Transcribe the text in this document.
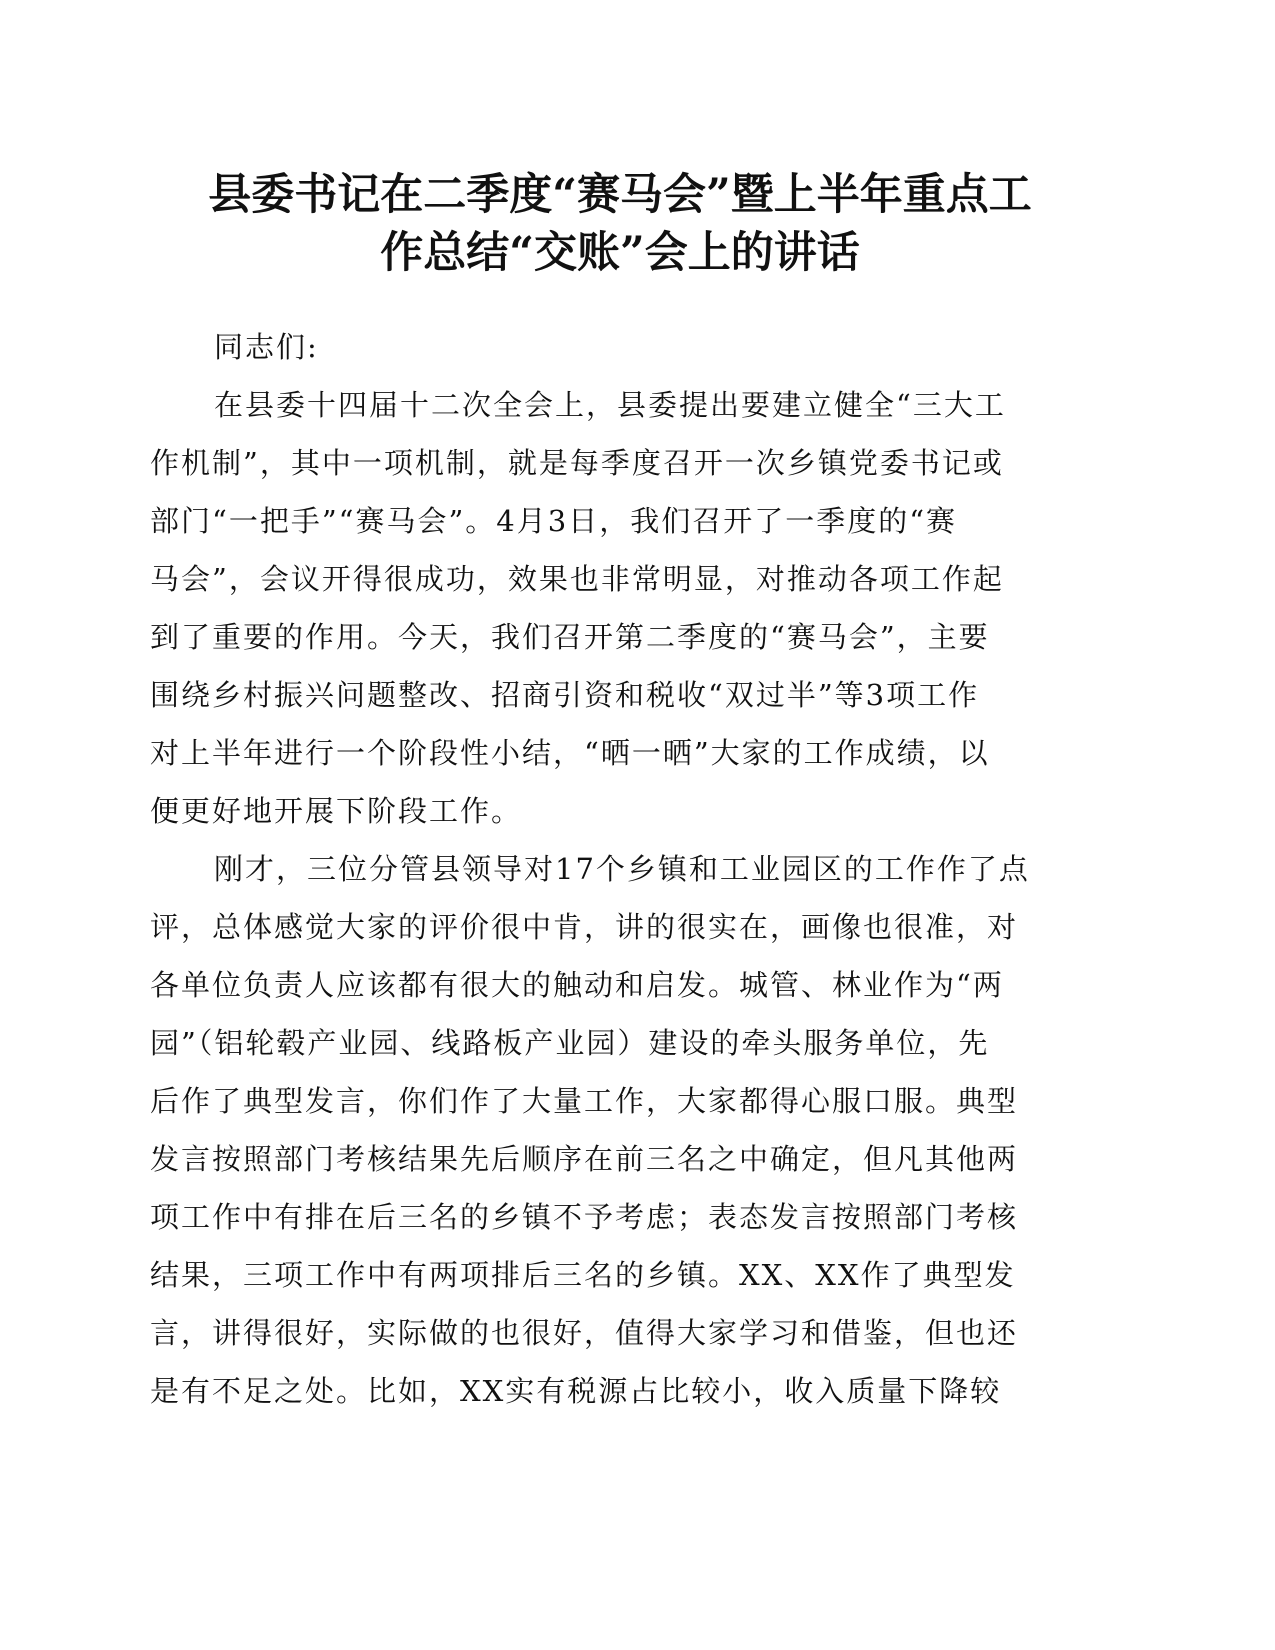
县委书记在二季度“赛马会”暨上半年重点工
作总结“交账”会上的讲话
同志们:
在县委十四届十二次全会上，县委提出要建立健全“三大工
作机制”，其中一项机制，就是每季度召开一次乡镇党委书记或
部门“一把手”“赛马会”。4月3日，我们召开了一季度的“赛
马会”，会议开得很成功，效果也非常明显，对推动各项工作起
到了重要的作用。今天，我们召开第二季度的“赛马会”，主要
围绕乡村振兴问题整改、招商引资和税收“双过半”等3项工作
对上半年进行一个阶段性小结，“晒一晒”大家的工作成绩，以
便更好地开展下阶段工作。
刚才，三位分管县领导对17个乡镇和工业园区的工作作了点
评，总体感觉大家的评价很中肯，讲的很实在，画像也很准，对
各单位负责人应该都有很大的触动和启发。城管、林业作为“两
园”（铝轮毂产业园、线路板产业园）建设的牵头服务单位，先
后作了典型发言，你们作了大量工作，大家都得心服口服。典型
发言按照部门考核结果先后顺序在前三名之中确定，但凡其他两
项工作中有排在后三名的乡镇不予考虑；表态发言按照部门考核
结果，三项工作中有两项排后三名的乡镇。XX、XX作了典型发
言，讲得很好，实际做的也很好，值得大家学习和借鉴，但也还
是有不足之处。比如，XX实有税源占比较小，收入质量下降较
